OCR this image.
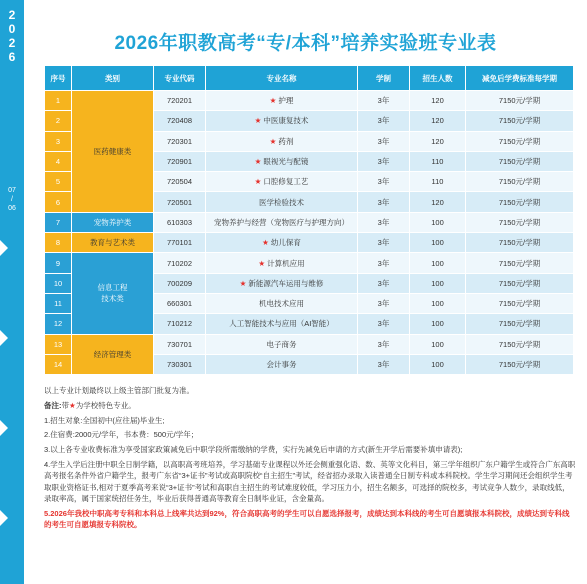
2
0
2
6
07
/
06
2026年职教高考“专/本科”培养实验班专业表
序号	类别	专业代码	专业名称	学制	招生人数	减免后学费标准每学期
1	医药健康类	720201	★ 护理	3年	120	7150元/学期
2		720408	★ 中医康复技术	3年	120	7150元/学期
3		720301	★ 药剂	3年	120	7150元/学期
4		720901	★ 眼视光与配镜	3年	110	7150元/学期
5		720504	★ 口腔修复工艺	3年	110	7150元/学期
6		720501	医学检验技术	3年	120	7150元/学期
7	宠物养护类	610303	宠物养护与经营（宠物医疗与护理方向）	3年	100	7150元/学期
8	教育与艺术类	770101	★ 幼儿保育	3年	100	7150元/学期
9	信息工程
技术类	710202	★ 计算机应用	3年	100	7150元/学期
10		700209	★ 新能源汽车运用与维修	3年	100	7150元/学期
11		660301	机电技术应用	3年	100	7150元/学期
12		710212	人工智能技术与应用（AI智能）	3年	100	7150元/学期
13	经济管理类	730701	电子商务	3年	100	7150元/学期
14		730301	会计事务	3年	100	7150元/学期

以上专业计划最终以上级主管部门批复为准。

备注:带★为学校特色专业。

1.招生对象:全国初中(应往届)毕业生;

2.住宿费:2000元/学年，书本费：500元/学年；

3.以上各专业收费标准为享受国家政策减免后中职学段所需缴纳的学费，实行先减免后申请的方式(新生开学后需要补填申请表);

4.学生入学后注册中职全日制学籍，以高职高考班培养，学习基础专业课程以外还会侧重强化语、数、英等文化科目，第三学年组织广东户籍学生或符合广东高职高考报名条件外省户籍学生，报考广东省“3+证书”考试或高职院校“自主招生”考试，经省招办录取入读普通全日制专科或本科院校。学生学习期间还会组织学生考取职业资格证书,相对于夏季高考来说“3+证书”考试和高职自主招生的考试难度较低，学习压力小，招生名额多，可选择的院校多，考试竞争人数少，录取线低，录取率高，属于国家统招任务生，毕业后获得普通高等教育全日制毕业证，含金量高。

5.2026年我校中职高考专科和本科总上线率共达到92%，符合高职高考的学生可以自愿选择报考，成绩达到本科线的考生可自愿填报本科院校，成绩达到专科线的考生可自愿填报专科院校。
